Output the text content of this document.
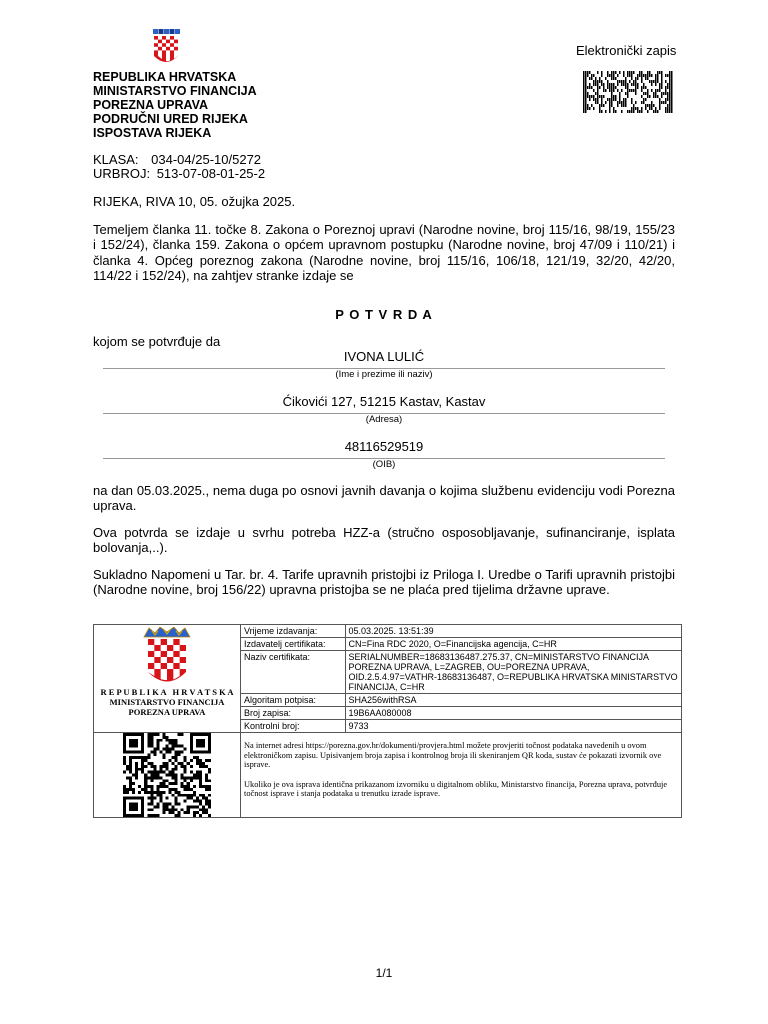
REPUBLIKA HRVATSKA
MINISTARSTVO FINANCIJA
POREZNA UPRAVA
PODRUČNI URED RIJEKA
ISPOSTAVA RIJEKA
Elektronički zapis
KLASA: 034-04/25-10/5272
URBROJ: 513-07-08-01-25-2
RIJEKA, RIVA 10, 05. ožujka 2025.
Temeljem članka 11. točke 8. Zakona o Poreznoj upravi (Narodne novine, broj 115/16, 98/19, 155/23 i 152/24), članka 159. Zakona o općem upravnom postupku (Narodne novine, broj 47/09 i 110/21) i članka 4. Općeg poreznog zakona (Narodne novine, broj 115/16, 106/18, 121/19, 32/20, 42/20, 114/22 i 152/24), na zahtjev stranke izdaje se
P O T V R D A
kojom se potvrđuje da
IVONA LULIĆ
(Ime i prezime ili naziv)
Ćikovići 127, 51215 Kastav, Kastav
(Adresa)
48116529519
(OIB)
na dan 05.03.2025., nema duga po osnovi javnih davanja o kojima službenu evidenciju vodi Porezna uprava.
Ova potvrda se izdaje u svrhu potreba HZZ-a (stručno osposobljavanje, sufinanciranje, isplata bolovanja,..).
Sukladno Napomeni u Tar. br. 4. Tarife upravnih pristojbi iz Priloga I. Uredbe o Tarifi upravnih pristojbi (Narodne novine, broj 156/22) upravna pristojba se ne plaća pred tijelima državne uprave.
R E P U B L I K A   H R V A T S K A
MINISTARSTVO FINANCIJA
POREZNA UPRAVA

Vrijeme izdavanja:	05.03.2025. 13:51:39
Izdavatelj certifikata:	CN=Fina RDC 2020, O=Financijska agencija, C=HR
Naziv certifikata:	SERIALNUMBER=18683136487.275.37, CN=MINISTARSTVO FINANCIJA POREZNA UPRAVA, L=ZAGREB, OU=POREZNA UPRAVA, OID.2.5.4.97=VATHR-18683136487, O=REPUBLIKA HRVATSKA MINISTARSTVO FINANCIJA, C=HR
Algoritam potpisa:	SHA256withRSA
Broj zapisa:	19B6AA080008
Kontrolni broj:	9733

Na internet adresi https://porezna.gov.hr/dokumenti/provjera.html možete provjeriti točnost podataka navedenih u ovom elektroničkom zapisu. Upisivanjem broja zapisa i kontrolnog broja ili skeniranjem QR koda, sustav će pokazati izvornik ove isprave.
Ukoliko je ova isprava identična prikazanom izvorniku u digitalnom obliku, Ministarstvo financija, Porezna uprava, potvrđuje točnost isprave i stanja podataka u trenutku izrade isprave.
1/1
